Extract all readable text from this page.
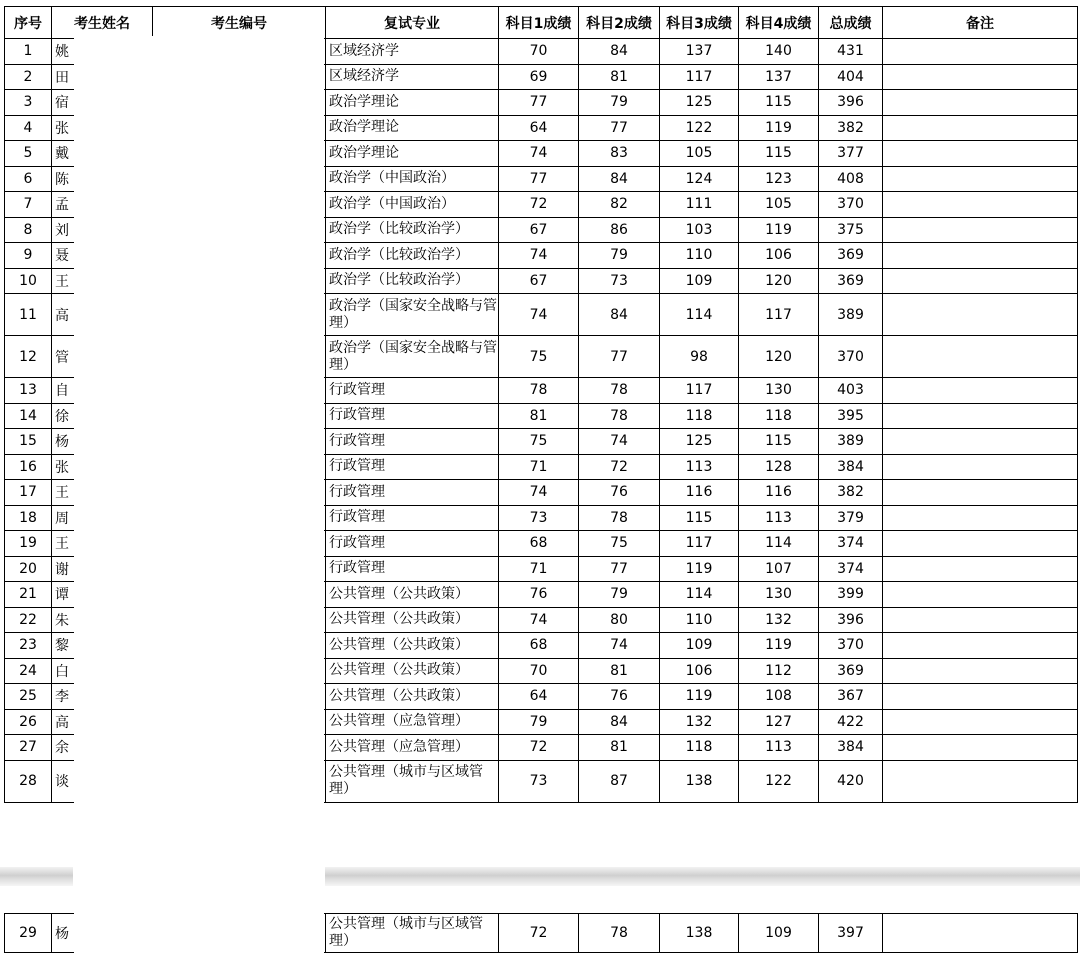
序号	考生姓名	考生编号	复试专业	科目1成绩	科目2成绩	科目3成绩	科目4成绩	总成绩	备注
1	姚		区域经济学	70	84	137	140	431	
2	田		区域经济学	69	81	117	137	404	
3	宿		政治学理论	77	79	125	115	396	
4	张		政治学理论	64	77	122	119	382	
5	戴		政治学理论	74	83	105	115	377	
6	陈		政治学（中国政治）	77	84	124	123	408	
7	孟		政治学（中国政治）	72	82	111	105	370	
8	刘		政治学（比较政治学）	67	86	103	119	375	
9	聂		政治学（比较政治学）	74	79	110	106	369	
10	王		政治学（比较政治学）	67	73	109	120	369	
11	高		政治学（国家安全战略与管理）	74	84	114	117	389	
12	管		政治学（国家安全战略与管理）	75	77	98	120	370	
13	自		行政管理	78	78	117	130	403	
14	徐		行政管理	81	78	118	118	395	
15	杨		行政管理	75	74	125	115	389	
16	张		行政管理	71	72	113	128	384	
17	王		行政管理	74	76	116	116	382	
18	周		行政管理	73	78	115	113	379	
19	王		行政管理	68	75	117	114	374	
20	谢		行政管理	71	77	119	107	374	
21	谭		公共管理（公共政策）	76	79	114	130	399	
22	朱		公共管理（公共政策）	74	80	110	132	396	
23	黎		公共管理（公共政策）	68	74	109	119	370	
24	白		公共管理（公共政策）	70	81	106	112	369	
25	李		公共管理（公共政策）	64	76	119	108	367	
26	高		公共管理（应急管理）	79	84	132	127	422	
27	余		公共管理（应急管理）	72	81	118	113	384	
28	谈		公共管理（城市与区域管理）	73	87	138	122	420	
29	杨		公共管理（城市与区域管理）	72	78	138	109	397	
